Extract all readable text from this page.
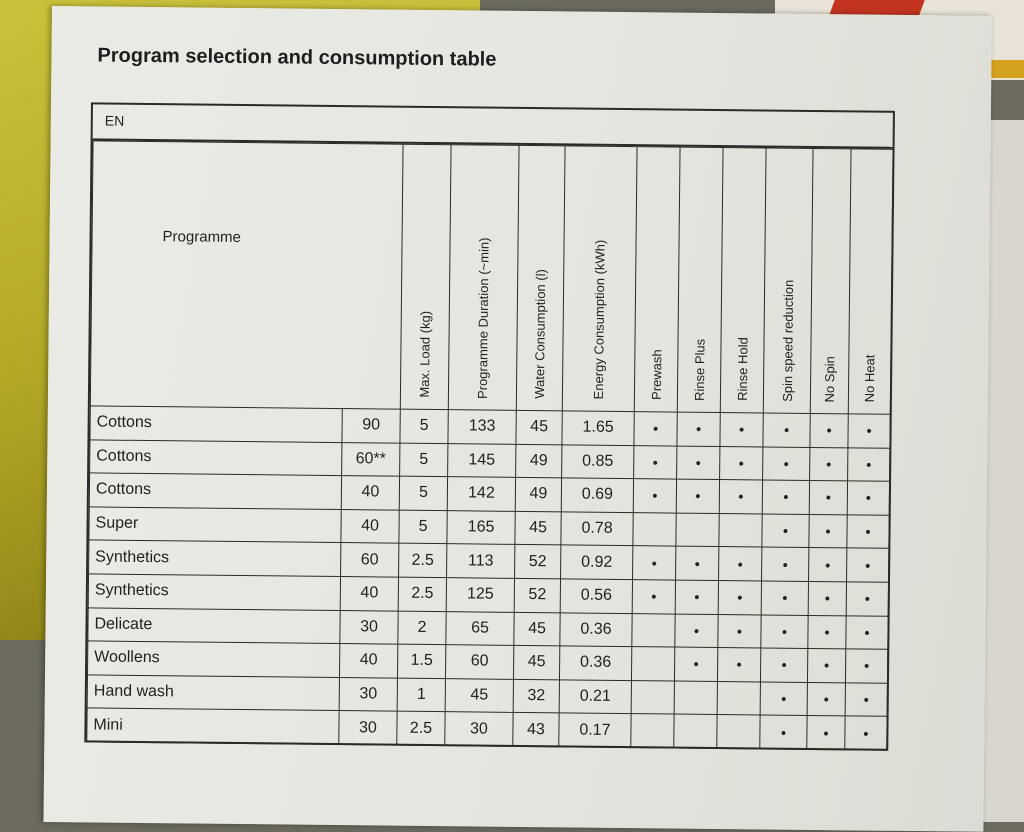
Program selection and consumption table
EN
Programme		Max. Load (kg)	Programme Duration (~min)	Water Consumption (l)	Energy Consumption (kWh)	Prewash	Rinse Plus	Rinse Hold	Spin speed reduction	No Spin	No Heat
Cottons	90	5	133	45	1.65	•	•	•	•	•	•
Cottons	60**	5	145	49	0.85	•	•	•	•	•	•
Cottons	40	5	142	49	0.69	•	•	•	•	•	•
Super	40	5	165	45	0.78				•	•	•
Synthetics	60	2.5	113	52	0.92	•	•	•	•	•	•
Synthetics	40	2.5	125	52	0.56	•	•	•	•	•	•
Delicate	30	2	65	45	0.36		•	•	•	•	•
Woollens	40	1.5	60	45	0.36		•	•	•	•	•
Hand wash	30	1	45	32	0.21				•	•	•
Mini	30	2.5	30	43	0.17				•	•	•
